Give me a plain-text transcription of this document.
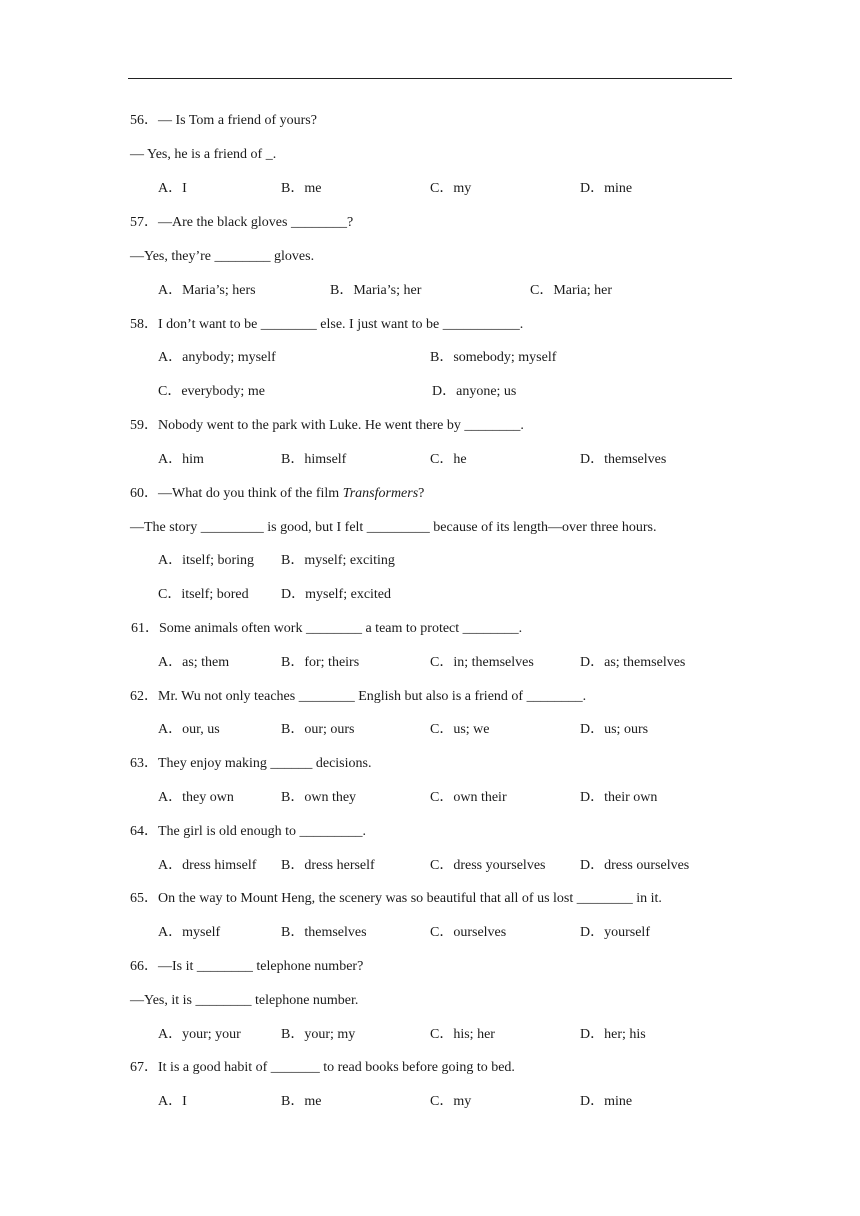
56．— Is Tom a friend of yours?
— Yes, he is a friend of _.
A．I	B．me	C．my	D．mine
57．—Are the black gloves ________?
—Yes, they’re ________ gloves.
A．Maria’s; hers	B．Maria’s; her	C．Maria; her
58．I don’t want to be ________ else. I just want to be ___________.
A．anybody; myself	B．somebody; myself
C．everybody; me	D．anyone; us
59．Nobody went to the park with Luke. He went there by ________.
A．him	B．himself	C．he	D．themselves
60．—What do you think of the film Transformers?
—The story _________ is good, but I felt _________ because of its length—over three hours.
A．itself; boring B．myself; exciting
C．itself; bored D．myself; excited
61．Some animals often work ________ a team to protect ________.
A．as; them	B．for; theirs	C．in; themselves	D．as; themselves
62．Mr. Wu not only teaches ________ English but also is a friend of ________.
A．our, us	B．our; ours	C．us; we	D．us; ours
63．They enjoy making ______ decisions.
A．they own	B．own they	C．own their	D．their own
64．The girl is old enough to _________.
A．dress himself B．dress herself	C．dress yourselves D．dress ourselves
65．On the way to Mount Heng, the scenery was so beautiful that all of us lost ________ in it.
A．myself	B．themselves	C．ourselves	D．yourself
66．—Is it ________ telephone number?
—Yes, it is ________ telephone number.
A．your; your	B．your; my	C．his; her	D．her; his
67．It is a good habit of _______ to read books before going to bed.
A．I	B．me	C．my	D．mine
